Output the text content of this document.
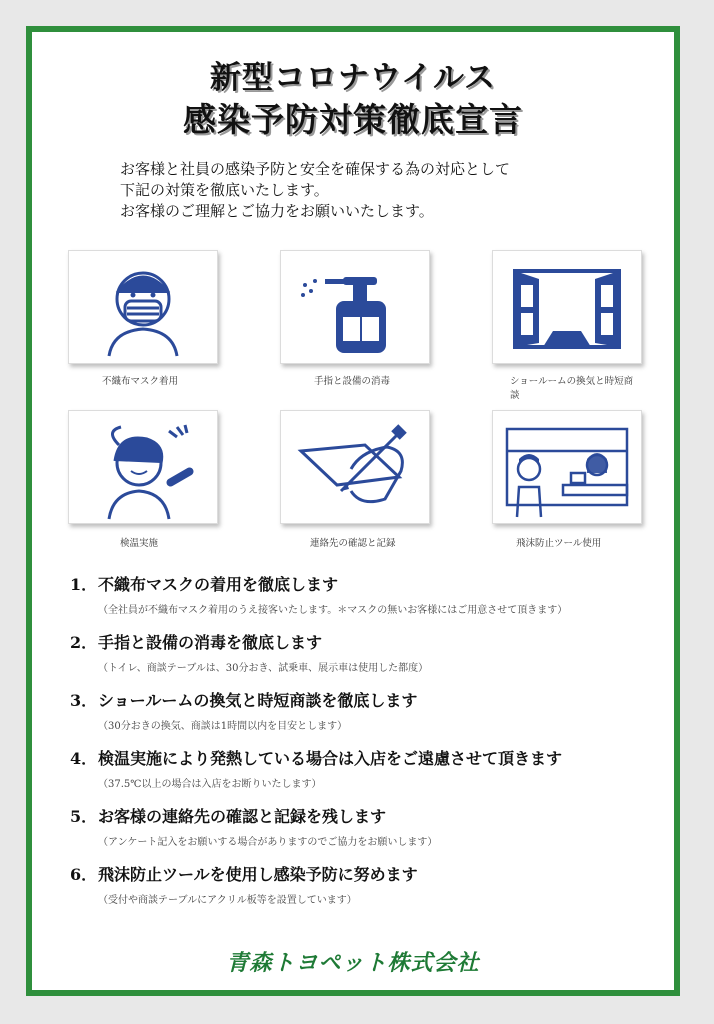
新型コロナウイルス
感染予防対策徹底宣言
お客様と社員の感染予防と安全を確保する為の対応として
下記の対策を徹底いたします。
お客様のご理解とご協力をお願いいたします。
不織布マスク着用	手指と設備の消毒	ショールームの換気と時短商談
検温実施	連絡先の確認と記録	飛沫防止ツール使用
1．不織布マスクの着用を徹底します
（全社員が不織布マスク着用のうえ接客いたします。＊マスクの無いお客様にはご用意させて頂きます）
2．手指と設備の消毒を徹底します
（トイレ、商談テーブルは、30分おき、試乗車、展示車は使用した都度）
3．ショールームの換気と時短商談を徹底します
（30分おきの換気、商談は1時間以内を目安とします）
4．検温実施により発熱している場合は入店をご遠慮させて頂きます
（37.5℃以上の場合は入店をお断りいたします）
5．お客様の連絡先の確認と記録を残します
（アンケート記入をお願いする場合がありますのでご協力をお願いします）
6．飛沫防止ツールを使用し感染予防に努めます
（受付や商談テーブルにアクリル板等を設置しています）
青森トヨペット株式会社
